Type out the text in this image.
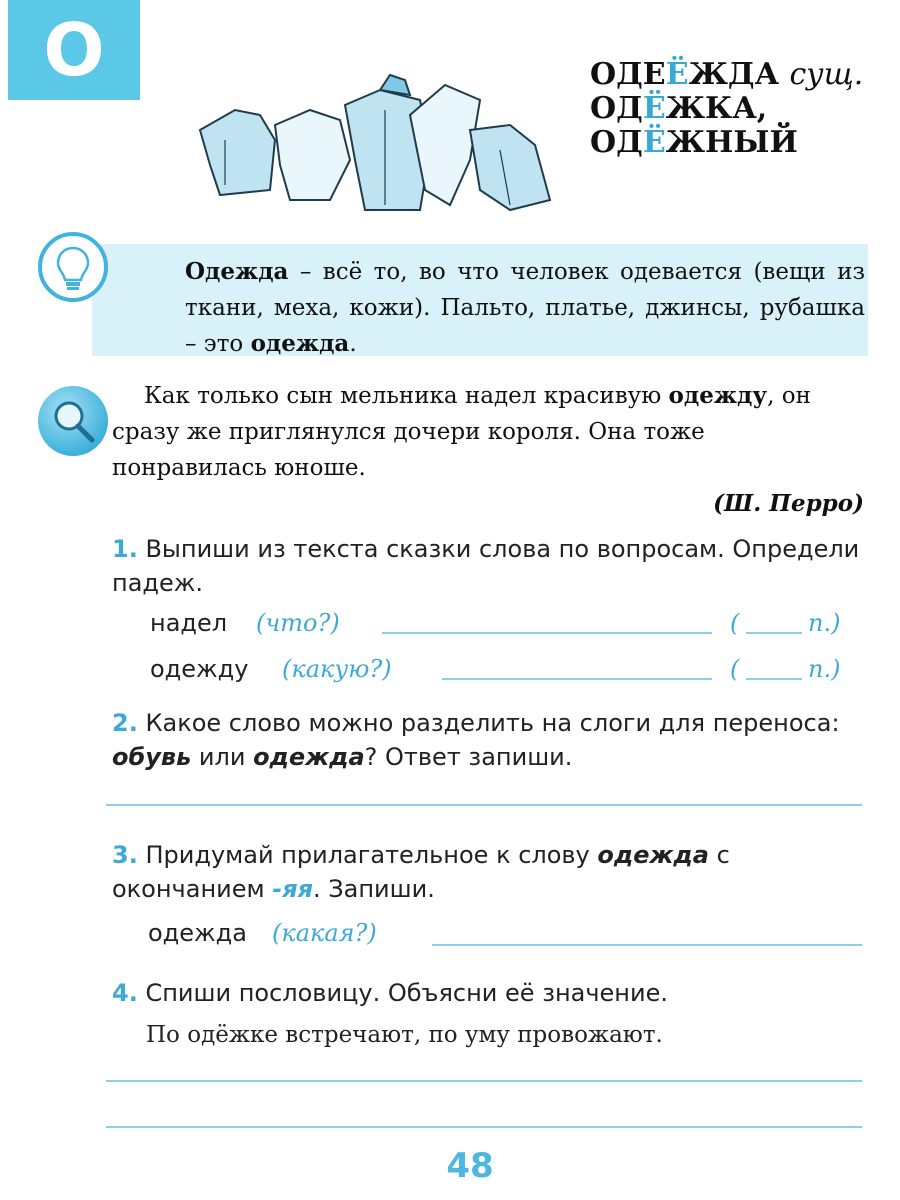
О	ОДЕЁЖДА сущ.
ОДЁЖКА,
ОДЁЖНЫЙ
Одежда – всё то, во что человек одевается (вещи из ткани, меха, кожи). Пальто, платье, джинсы, рубашка – это одежда.
Как только сын мельника надел красивую одежду, он сразу же приглянулся дочери короля. Она тоже понравилась юноше.
(Ш. Перро)
1. Выпиши из текста сказки слова по вопросам. Определи падеж.
надел (что?)	(	п.)
одежду (какую?)	(	п.)
2. Какое слово можно разделить на слоги для переноса: обувь или одежда? Ответ запиши.
3. Придумай прилагательное к слову одежда с окончанием -яя. Запиши.
одежда (какая?)
4. Спиши пословицу. Объясни её значение.
По одёжке встречают, по уму провожают.
48
